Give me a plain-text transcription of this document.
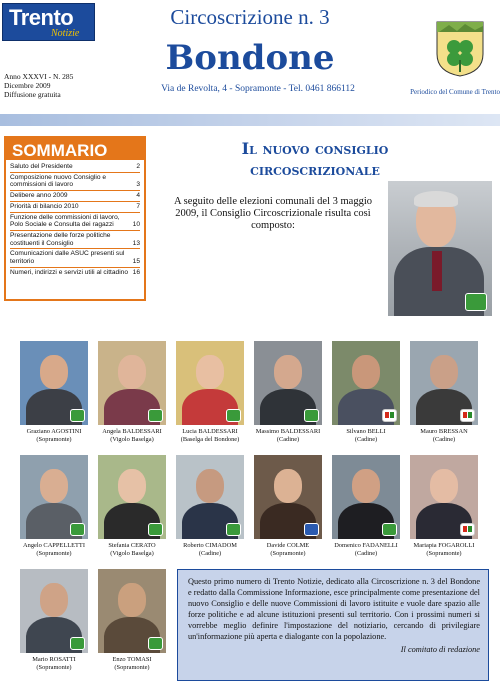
Trento
Notizie
Anno XXXVI - N. 285
Dicembre 2009
Diffusione gratuita
Circoscrizione n. 3
Bondone
Via de Revolta, 4 - Sopramonte - Tel. 0461 866112	Periodico del Comune di Trento
SOMMARIO
Saluto del Presidente	2
Composizione nuovo Consiglio e commissioni di lavoro	3
Delibere anno 2009	4
Priorità di bilancio 2010	7
Funzione delle commissioni di lavoro, Polo Sociale e Consulta dei ragazzi	10
Presentazione delle forze politiche costituenti il Consiglio	13
Comunicazioni dalle ASUC presenti sul territorio	15
Numeri, indirizzi e servizi utili al cittadino 16
Il nuovo consiglio
circoscrizionale
A seguito delle elezioni comunali del 3 maggio 2009, il Consiglio Circoscrizionale risulta così composto:
Graziano AGOSTINI
(Sopramonte)
Angela BALDESSARI
(Vigolo Baselga)
Lucia BALDESSARI
(Baselga del Bondone)
Massimo BALDESSARI
(Cadine)
Silvano BELLI
(Cadine)
Mauro BRESSAN
(Cadine)
Angelo CAPPELLETTI
(Sopramonte)
Stefania CERATO
(Vigolo Baselga)
Roberto CIMADOM
(Cadine)
Davide COLME
(Sopramonte)
Domenico FADANELLI
(Cadine)
Mariapia FOGAROLLI
(Sopramonte)
Mario ROSATTI
(Sopramonte)
Enzo TOMASI
(Sopramonte)
Questo primo numero di Trento Notizie, dedicato alla Circoscrizione n. 3 del Bondone e redatto dalla Commissione Informazione, esce principalmente come presentazione del nuovo Consiglio e delle nuove Commissioni di lavoro istituite e vuole dare spazio alle forze politiche e ad alcune istituzioni presenti sul territorio. Con i prossimi numeri si vorrebbe meglio definire l'impostazione del notiziario, cercando di privilegiare un'informazione più aperta e dialogante con la popolazione.
Il comitato di redazione
